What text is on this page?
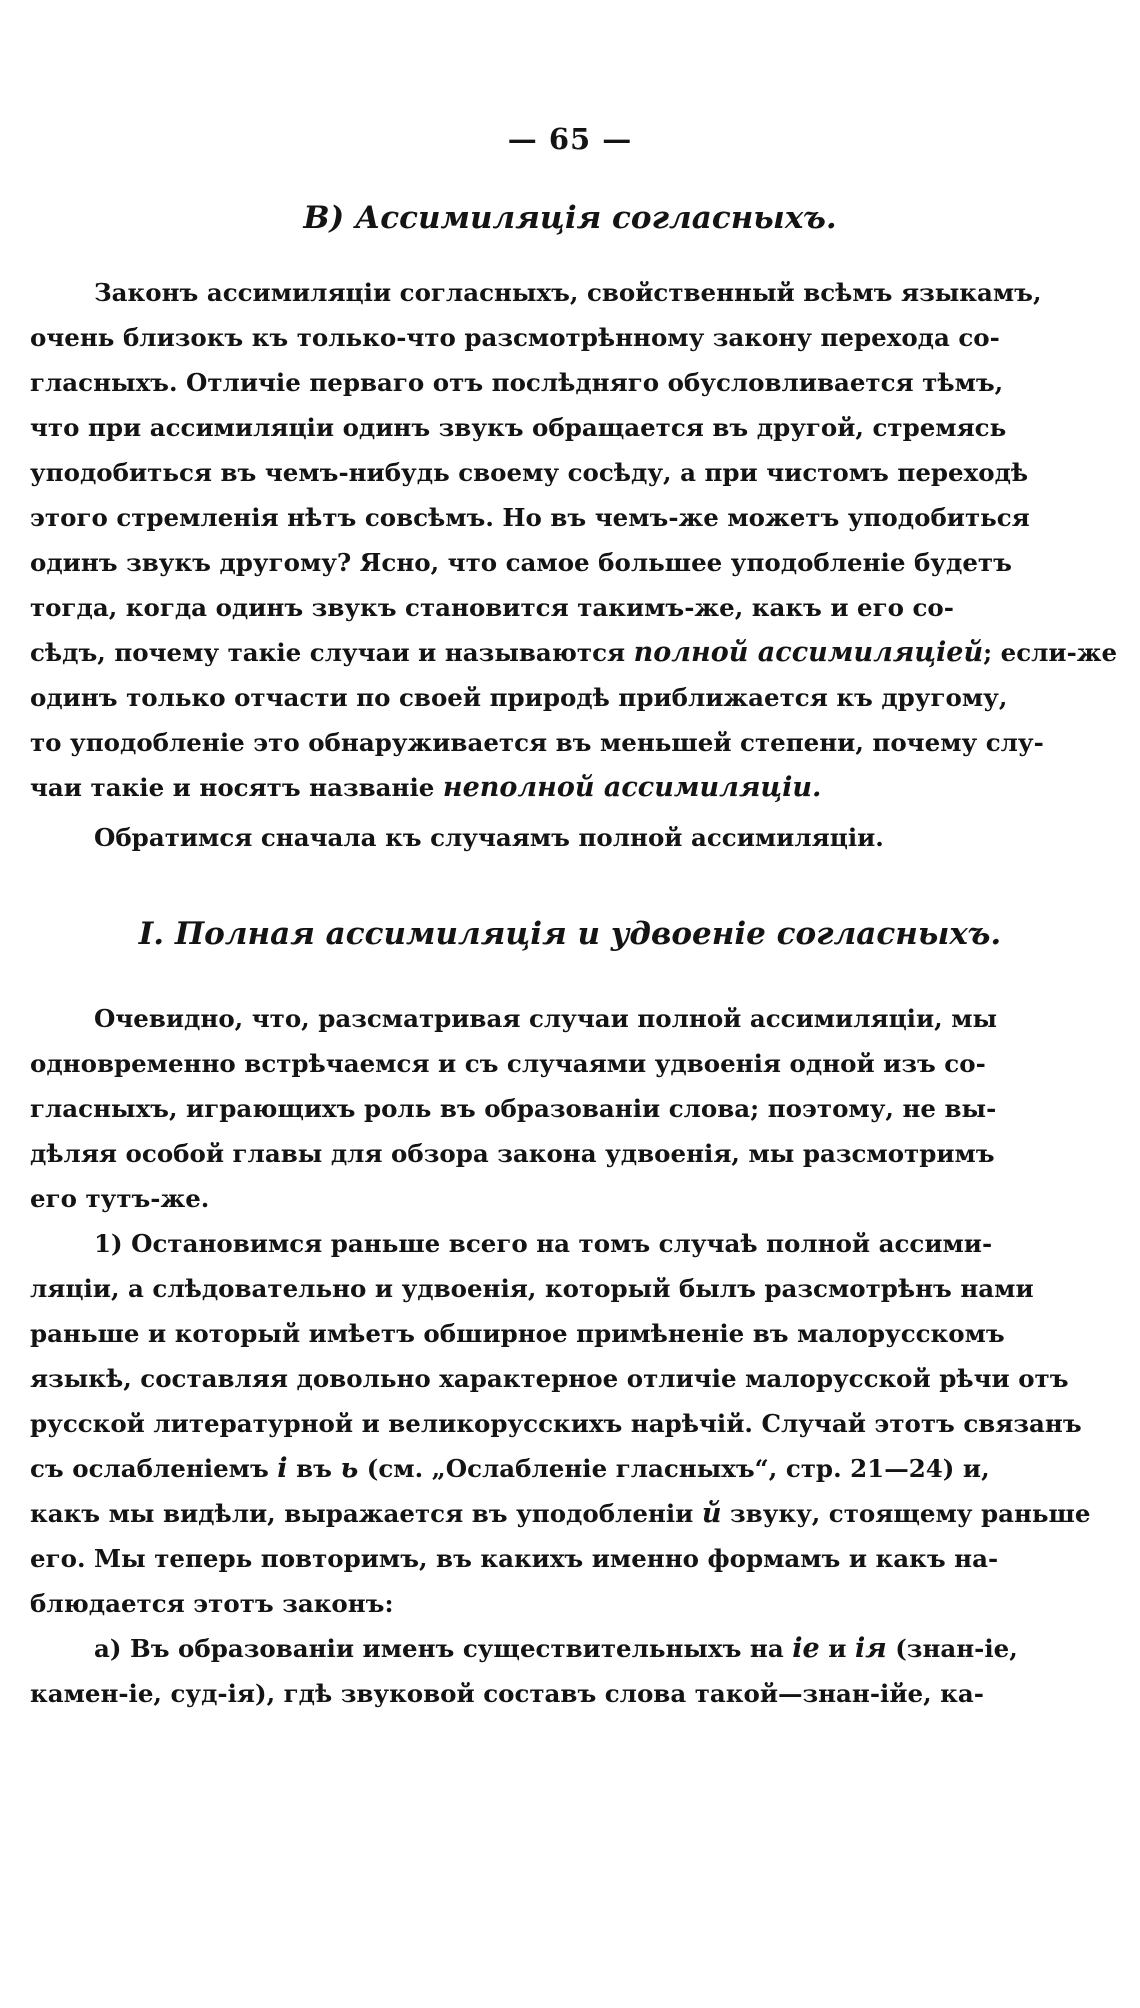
— 65 —
В) Ассимиляція согласныхъ.
Законъ ассимиляціи согласныхъ, свойственный всѣмъ языкамъ,
очень близокъ къ только-что разсмотрѣнному закону перехода со-
гласныхъ. Отличіе перваго отъ послѣдняго обусловливается тѣмъ,
что при ассимиляціи одинъ звукъ обращается въ другой, стремясь
уподобиться въ чемъ-нибудь своему сосѣду, а при чистомъ переходѣ
этого стремленія нѣтъ совсѣмъ. Но въ чемъ-же можетъ уподобиться
одинъ звукъ другому? Ясно, что самое большее уподобленіе будетъ
тогда, когда одинъ звукъ становится такимъ-же, какъ и его со-
сѣдъ, почему такіе случаи и называются полной ассимиляціей; если-же
одинъ только отчасти по своей природѣ приближается къ другому,
то уподобленіе это обнаруживается въ меньшей степени, почему слу-
чаи такіе и носятъ названіе неполной ассимиляціи.
Обратимся сначала къ случаямъ полной ассимиляціи.
I. Полная ассимиляція и удвоеніе согласныхъ.
Очевидно, что, разсматривая случаи полной ассимиляціи, мы
одновременно встрѣчаемся и съ случаями удвоенія одной изъ со-
гласныхъ, играющихъ роль въ образованіи слова; поэтому, не вы-
дѣляя особой главы для обзора закона удвоенія, мы разсмотримъ
его тутъ-же.
1) Остановимся раньше всего на томъ случаѣ полной ассими-
ляціи, а слѣдовательно и удвоенія, который былъ разсмотрѣнъ нами
раньше и который имѣетъ обширное примѣненіе въ малорусскомъ
языкѣ, составляя довольно характерное отличіе малорусской рѣчи отъ
русской литературной и великорусскихъ нарѣчій. Случай этотъ связанъ
съ ослабленіемъ і въ ь (см. „Ослабленіе гласныхъ“, стр. 21—24) и,
какъ мы видѣли, выражается въ уподобленіи й звуку, стоящему раньше
его. Мы теперь повторимъ, въ какихъ именно формамъ и какъ на-
блюдается этотъ законъ:
а) Въ образованіи именъ существительныхъ на іе и ія (знан-іе,
камен-іе, суд-ія), гдѣ звуковой составъ слова такой—знан-ійе, ка-
